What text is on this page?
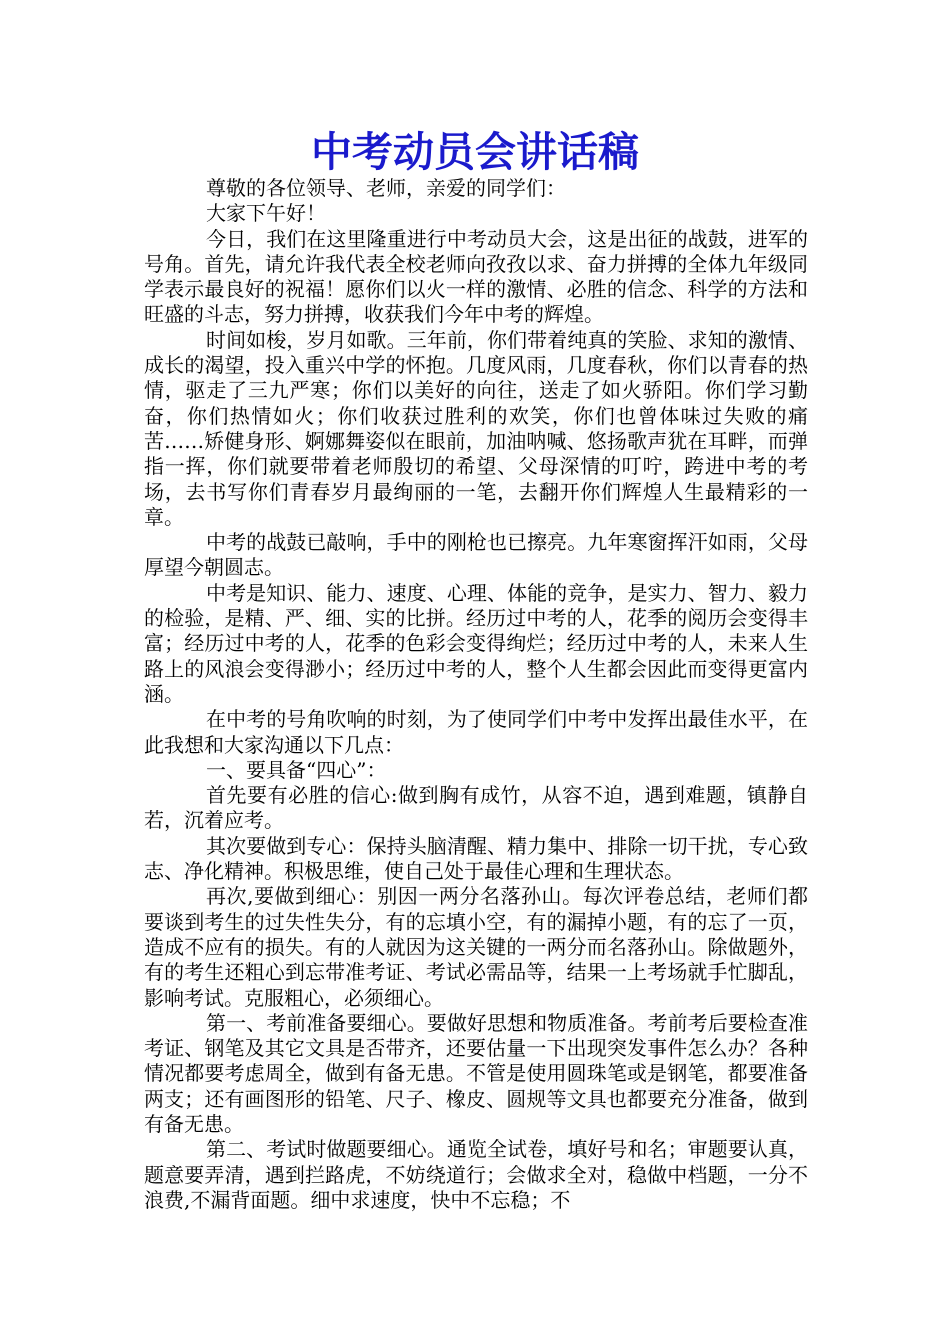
中考动员会讲话稿

尊敬的各位领导、老师，亲爱的同学们：

大家下午好！

今日，我们在这里隆重进行中考动员大会，这是出征的战鼓，进军的号角。首先，请允许我代表全校老师向孜孜以求、奋力拼搏的全体九年级同学表示最良好的祝福！愿你们以火一样的激情、必胜的信念、科学的方法和旺盛的斗志，努力拼搏，收获我们今年中考的辉煌。

时间如梭，岁月如歌。三年前，你们带着纯真的笑脸、求知的激情、成长的渴望，投入重兴中学的怀抱。几度风雨，几度春秋，你们以青春的热情，驱走了三九严寒；你们以美好的向往，送走了如火骄阳。你们学习勤奋，你们热情如火；你们收获过胜利的欢笑，你们也曾体味过失败的痛苦……矫健身形、婀娜舞姿似在眼前，加油呐喊、悠扬歌声犹在耳畔，而弹指一挥，你们就要带着老师殷切的希望、父母深情的叮咛，跨进中考的考场，去书写你们青春岁月最绚丽的一笔，去翻开你们辉煌人生最精彩的一章。

中考的战鼓已敲响，手中的刚枪也已擦亮。九年寒窗挥汗如雨，父母厚望今朝圆志。

中考是知识、能力、速度、心理、体能的竞争，是实力、智力、毅力的检验，是精、严、细、实的比拼。经历过中考的人，花季的阅历会变得丰富；经历过中考的人，花季的色彩会变得绚烂；经历过中考的人，未来人生路上的风浪会变得渺小；经历过中考的人，整个人生都会因此而变得更富内涵。

在中考的号角吹响的时刻，为了使同学们中考中发挥出最佳水平，在此我想和大家沟通以下几点：

一、要具备“四心”：

首先要有必胜的信心:做到胸有成竹，从容不迫，遇到难题，镇静自若，沉着应考。

其次要做到专心：保持头脑清醒、精力集中、排除一切干扰，专心致志、净化精神。积极思维，使自己处于最佳心理和生理状态。

再次,要做到细心：别因一两分名落孙山。每次评卷总结，老师们都要谈到考生的过失性失分，有的忘填小空，有的漏掉小题，有的忘了一页，造成不应有的损失。有的人就因为这关键的一两分而名落孙山。除做题外，有的考生还粗心到忘带准考证、考试必需品等，结果一上考场就手忙脚乱，影响考试。克服粗心，必须细心。

第一、考前准备要细心。要做好思想和物质准备。考前考后要检查准考证、钢笔及其它文具是否带齐，还要估量一下出现突发事件怎么办？各种情况都要考虑周全，做到有备无患。不管是使用圆珠笔或是钢笔，都要准备两支；还有画图形的铅笔、尺子、橡皮、圆规等文具也都要充分准备，做到有备无患。

第二、考试时做题要细心。通览全试卷，填好号和名；审题要认真，题意要弄清，遇到拦路虎，不妨绕道行；会做求全对，稳做中档题，一分不浪费,不漏背面题。细中求速度，快中不忘稳；不
